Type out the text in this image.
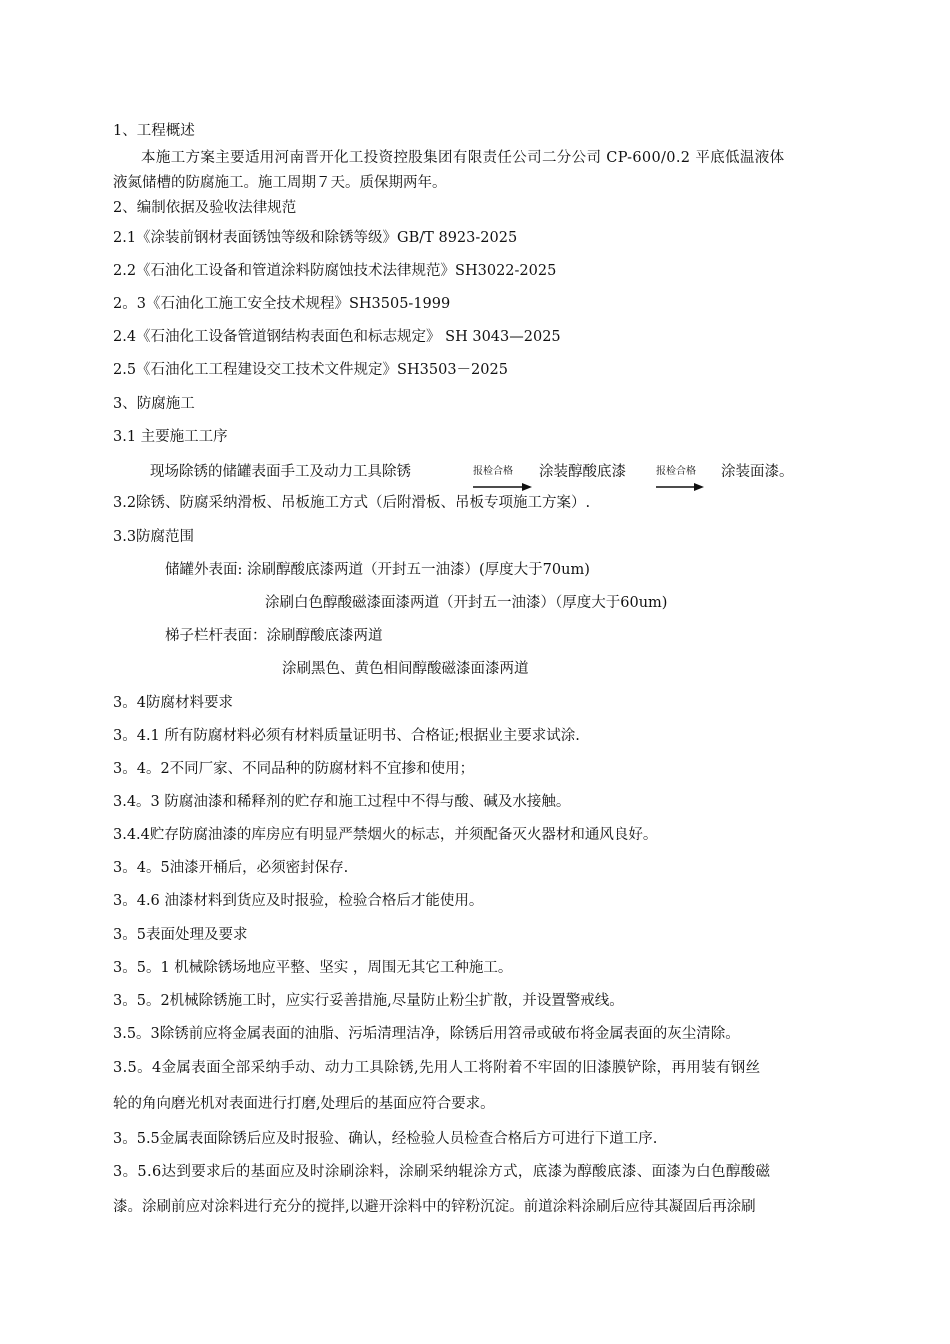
1、工程概述
本施工方案主要适用河南晋开化工投资控股集团有限责任公司二分公司 CP-600/0.2 平底低温液体
液氮储槽的防腐施工。施工周期７天。质保期两年。
2、编制依据及验收法律规范
2.1《涂装前钢材表面锈蚀等级和除锈等级》GB/T 8923-2025
2.2《石油化工设备和管道涂料防腐蚀技术法律规范》SH3022-2025
2。3《石油化工施工安全技术规程》SH3505-1999
2.4《石油化工设备管道钢结构表面色和标志规定》 SH 3043—2025
2.5《石油化工工程建设交工技术文件规定》SH3503－2025
3、防腐施工
3.1 主要施工工序
现场除锈的储罐表面手工及动力工具除锈	报检合格 涂装醇酸底漆	报检合格 涂装面漆。
3.2除锈、防腐采纳滑板、吊板施工方式（后附滑板、吊板专项施工方案）.
3.3防腐范围
储罐外表面: 涂刷醇酸底漆两道（开封五一油漆）(厚度大于70um)
涂刷白色醇酸磁漆面漆两道（开封五一油漆）（厚度大于60um)
梯子栏杆表面：涂刷醇酸底漆两道
涂刷黑色、黄色相间醇酸磁漆面漆两道
3。4防腐材料要求
3。4.1 所有防腐材料必须有材料质量证明书、合格证;根据业主要求试涂.
3。4。2不同厂家、不同品种的防腐材料不宜掺和使用；
3.4。3 防腐油漆和稀释剂的贮存和施工过程中不得与酸、碱及水接触。
3.4.4贮存防腐油漆的库房应有明显严禁烟火的标志，并须配备灭火器材和通风良好。
3。4。5油漆开桶后，必须密封保存.
3。4.6 油漆材料到货应及时报验，检验合格后才能使用。
3。5表面处理及要求
3。5。1 机械除锈场地应平整、坚实 ，周围无其它工种施工。
3。5。2机械除锈施工时，应实行妥善措施,尽量防止粉尘扩散，并设置警戒线。
3.5。3除锈前应将金属表面的油脂、污垢清理洁净，除锈后用笤帚或破布将金属表面的灰尘清除。
3.5。4金属表面全部采纳手动、动力工具除锈,先用人工将附着不牢固的旧漆膜铲除，再用装有钢丝
轮的角向磨光机对表面进行打磨,处理后的基面应符合要求。
3。5.5金属表面除锈后应及时报验、确认，经检验人员检查合格后方可进行下道工序.
3。5.6达到要求后的基面应及时涂刷涂料，涂刷采纳辊涂方式，底漆为醇酸底漆、面漆为白色醇酸磁
漆。涂刷前应对涂料进行充分的搅拌,以避开涂料中的锌粉沉淀。前道涂料涂刷后应待其凝固后再涂刷
